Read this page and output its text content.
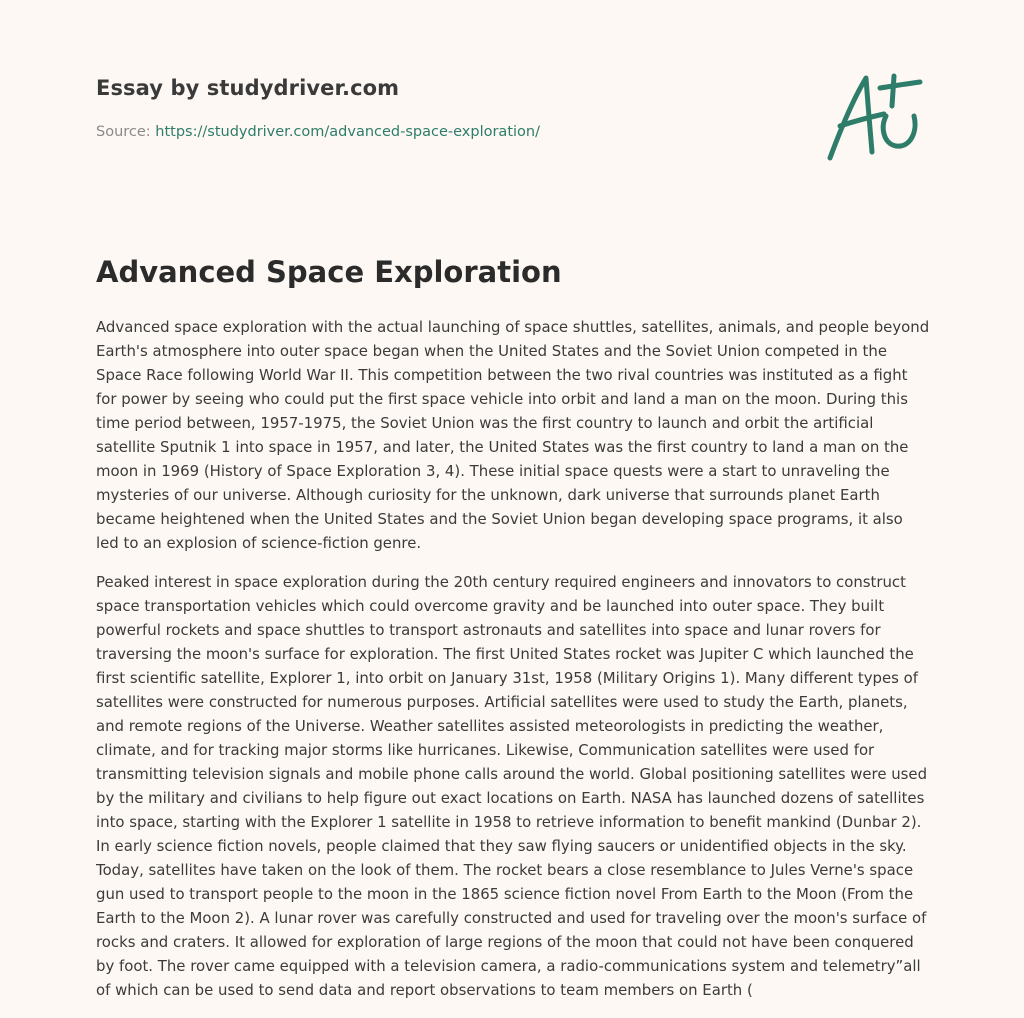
Essay by studydriver.com
Source: https://studydriver.com/advanced-space-exploration/
Advanced Space Exploration

Advanced space exploration with the actual launching of space shuttles, satellites, animals, and people beyond Earth's atmosphere into outer space began when the United States and the Soviet Union competed in the Space Race following World War II. This competition between the two rival countries was instituted as a fight for power by seeing who could put the first space vehicle into orbit and land a man on the moon. During this time period between, 1957-1975, the Soviet Union was the first country to launch and orbit the artificial satellite Sputnik 1 into space in 1957, and later, the United States was the first country to land a man on the moon in 1969 (History of Space Exploration 3, 4). These initial space quests were a start to unraveling the mysteries of our universe. Although curiosity for the unknown, dark universe that surrounds planet Earth became heightened when the United States and the Soviet Union began developing space programs, it also led to an explosion of science-fiction genre.

Peaked interest in space exploration during the 20th century required engineers and innovators to construct space transportation vehicles which could overcome gravity and be launched into outer space. They built powerful rockets and space shuttles to transport astronauts and satellites into space and lunar rovers for traversing the moon's surface for exploration. The first United States rocket was Jupiter C which launched the first scientific satellite, Explorer 1, into orbit on January 31st, 1958 (Military Origins 1). Many different types of satellites were constructed for numerous purposes. Artificial satellites were used to study the Earth, planets, and remote regions of the Universe. Weather satellites assisted meteorologists in predicting the weather, climate, and for tracking major storms like hurricanes. Likewise, Communication satellites were used for transmitting television signals and mobile phone calls around the world. Global positioning satellites were used by the military and civilians to help figure out exact locations on Earth. NASA has launched dozens of satellites into space, starting with the Explorer 1 satellite in 1958 to retrieve information to benefit mankind (Dunbar 2). In early science fiction novels, people claimed that they saw flying saucers or unidentified objects in the sky. Today, satellites have taken on the look of them. The rocket bears a close resemblance to Jules Verne's space gun used to transport people to the moon in the 1865 science fiction novel From Earth to the Moon (From the Earth to the Moon 2). A lunar rover was carefully constructed and used for traveling over the moon's surface of rocks and craters. It allowed for exploration of large regions of the moon that could not have been conquered by foot. The rover came equipped with a television camera, a radio-communications system and telemetry”all of which can be used to send data and report observations to team members on Earth (
